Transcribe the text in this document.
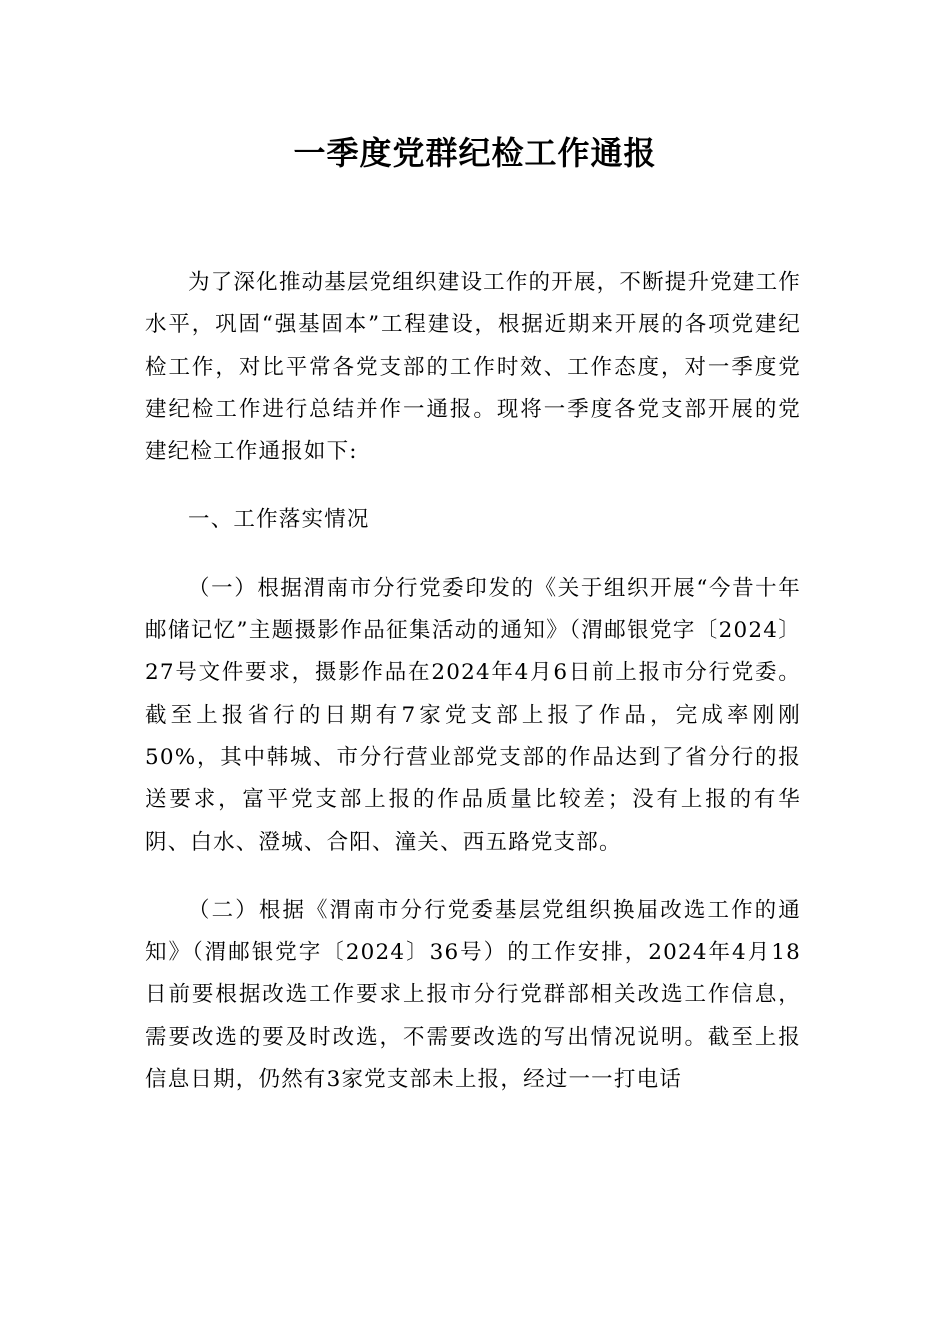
一季度党群纪检工作通报

为了深化推动基层党组织建设工作的开展，不断提升党建工作水平，巩固“强基固本”工程建设，根据近期来开展的各项党建纪检工作，对比平常各党支部的工作时效、工作态度，对一季度党建纪检工作进行总结并作一通报。现将一季度各党支部开展的党建纪检工作通报如下:

一、工作落实情况

（一）根据渭南市分行党委印发的《关于组织开展“今昔十年　邮储记忆”主题摄影作品征集活动的通知》（渭邮银党字〔2024〕27号文件要求，摄影作品在2024年4月6日前上报市分行党委。截至上报省行的日期有7家党支部上报了作品，完成率刚刚50%，其中韩城、市分行营业部党支部的作品达到了省分行的报送要求，富平党支部上报的作品质量比较差；没有上报的有华阴、白水、澄城、合阳、潼关、西五路党支部。

（二）根据《渭南市分行党委基层党组织换届改选工作的通知》（渭邮银党字〔2024〕36号）的工作安排，2024年4月18日前要根据改选工作要求上报市分行党群部相关改选工作信息，需要改选的要及时改选，不需要改选的写出情况说明。截至上报信息日期，仍然有3家党支部未上报，经过一一打电话
